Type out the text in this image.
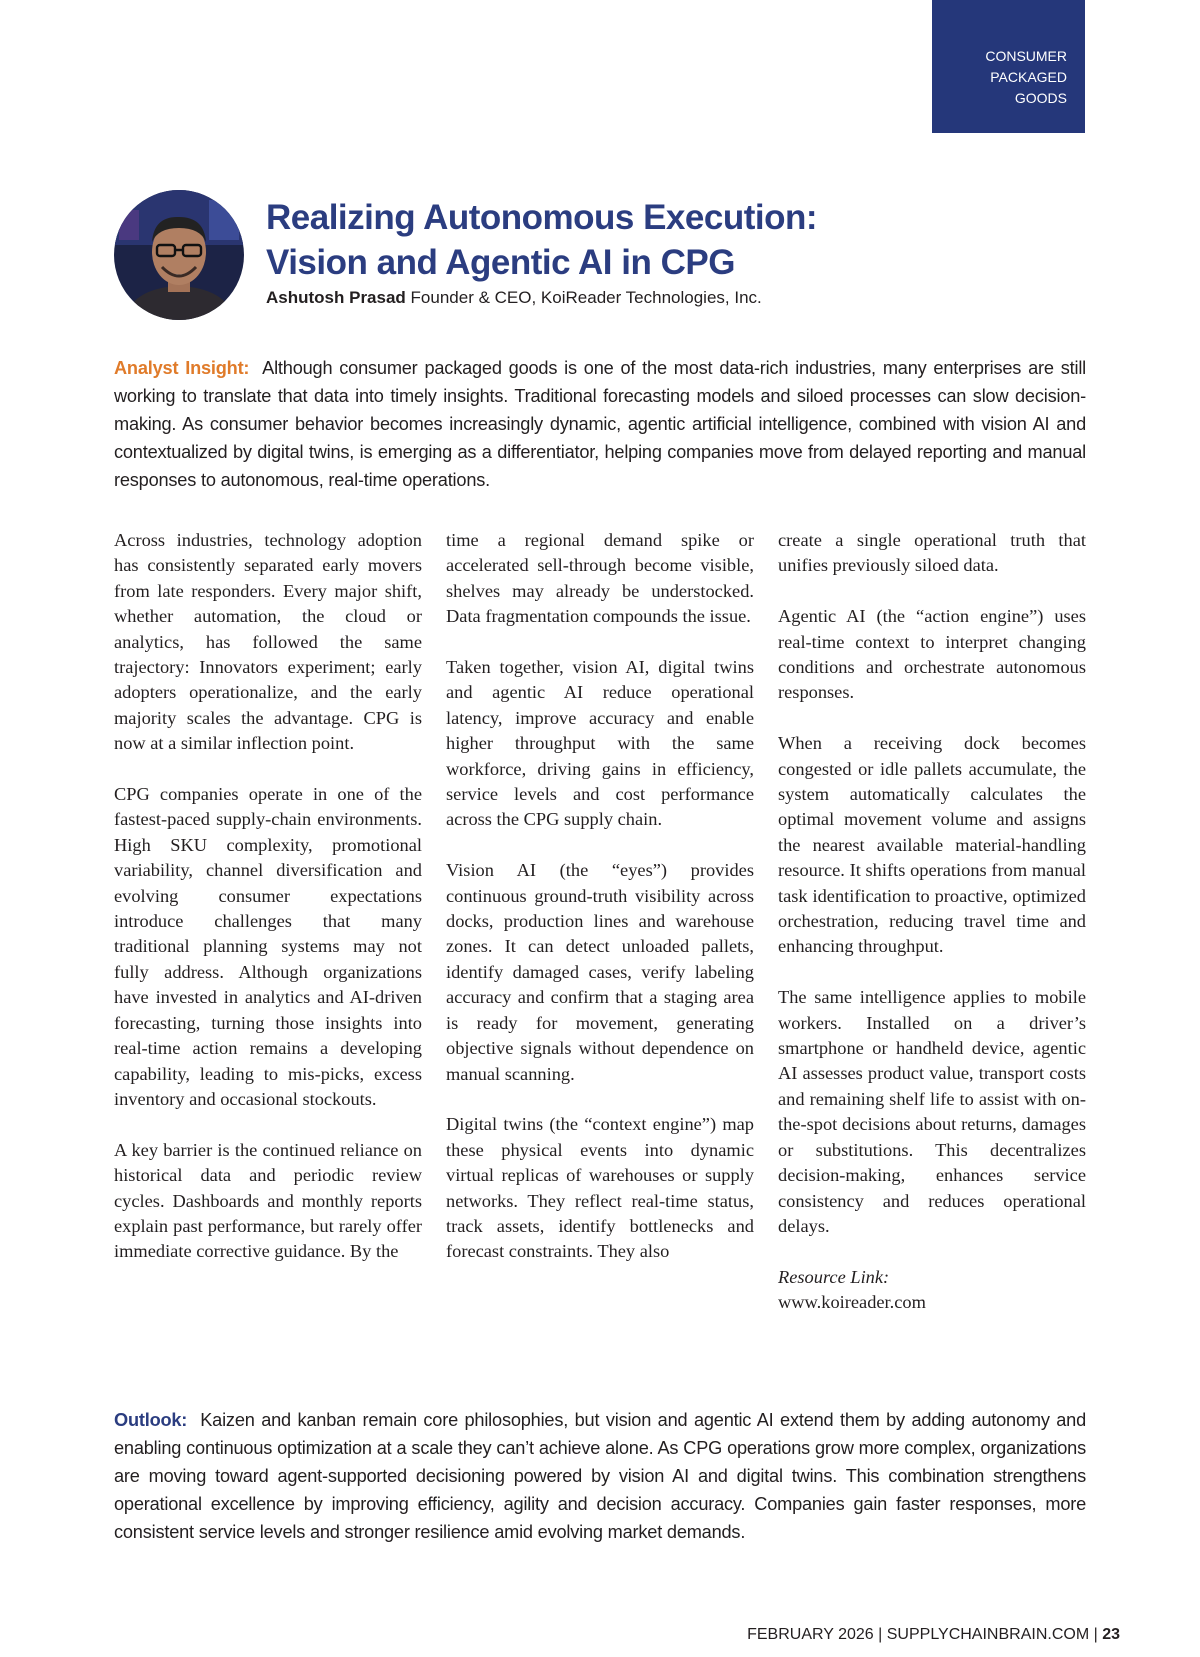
CONSUMER
PACKAGED
GOODS
Realizing Autonomous Execution:
Vision and Agentic AI in CPG
Ashutosh Prasad Founder & CEO, KoiReader Technologies, Inc.

Analyst Insight: Although consumer packaged goods is one of the most data-rich industries, many enterprises are still working to translate that data into timely insights. Traditional forecasting models and siloed processes can slow decision-making. As consumer behavior becomes increasingly dynamic, agentic artificial intelligence, combined with vision AI and contextualized by digital twins, is emerging as a differentiator, helping companies move from delayed reporting and manual responses to autonomous, real-time operations.

Across industries, technology adoption has consistently separated early movers from late responders. Every major shift, whether automation, the cloud or analytics, has followed the same trajectory: Innovators experiment; early adopters operationalize, and the early majority scales the advantage. CPG is now at a similar inflection point.

CPG companies operate in one of the fastest-paced supply-chain environments. High SKU complexity, promotional variability, channel diversification and evolving consumer expectations introduce challenges that many traditional planning systems may not fully address. Although organizations have invested in analytics and AI-driven forecasting, turning those insights into real-time action remains a developing capability, leading to mis-picks, excess inventory and occasional stockouts.

A key barrier is the continued reliance on historical data and periodic review cycles. Dashboards and monthly reports explain past performance, but rarely offer immediate corrective guidance. By the

time a regional demand spike or accelerated sell-through become visible, shelves may already be understocked. Data fragmentation compounds the issue.

Taken together, vision AI, digital twins and agentic AI reduce operational latency, improve accuracy and enable higher throughput with the same workforce, driving gains in efficiency, service levels and cost performance across the CPG supply chain.

Vision AI (the “eyes”) provides continuous ground-truth visibility across docks, production lines and warehouse zones. It can detect unloaded pallets, identify damaged cases, verify labeling accuracy and confirm that a staging area is ready for movement, generating objective signals without dependence on manual scanning.

Digital twins (the “context engine”) map these physical events into dynamic virtual replicas of warehouses or supply networks. They reflect real-time status, track assets, identify bottlenecks and forecast constraints. They also

create a single operational truth that unifies previously siloed data.

Agentic AI (the “action engine”) uses real-time context to interpret changing conditions and orchestrate autonomous responses.

When a receiving dock becomes congested or idle pallets accumulate, the system automatically calculates the optimal movement volume and assigns the nearest available material-handling resource. It shifts operations from manual task identification to proactive, optimized orchestration, reducing travel time and enhancing throughput.

The same intelligence applies to mobile workers. Installed on a driver’s smartphone or handheld device, agentic AI assesses product value, transport costs and remaining shelf life to assist with on-the-spot decisions about returns, damages or substitutions. This decentralizes decision-making, enhances service consistency and reduces operational delays.

Resource Link:

www.koireader.com

Outlook: Kaizen and kanban remain core philosophies, but vision and agentic AI extend them by adding autonomy and enabling continuous optimization at a scale they can’t achieve alone. As CPG operations grow more complex, organizations are moving toward agent-supported decisioning powered by vision AI and digital twins. This combination strengthens operational excellence by improving efficiency, agility and decision accuracy. Companies gain faster responses, more consistent service levels and stronger resilience amid evolving market demands.

FEBRUARY 2026 | SUPPLYCHAINBRAIN.COM | 23
